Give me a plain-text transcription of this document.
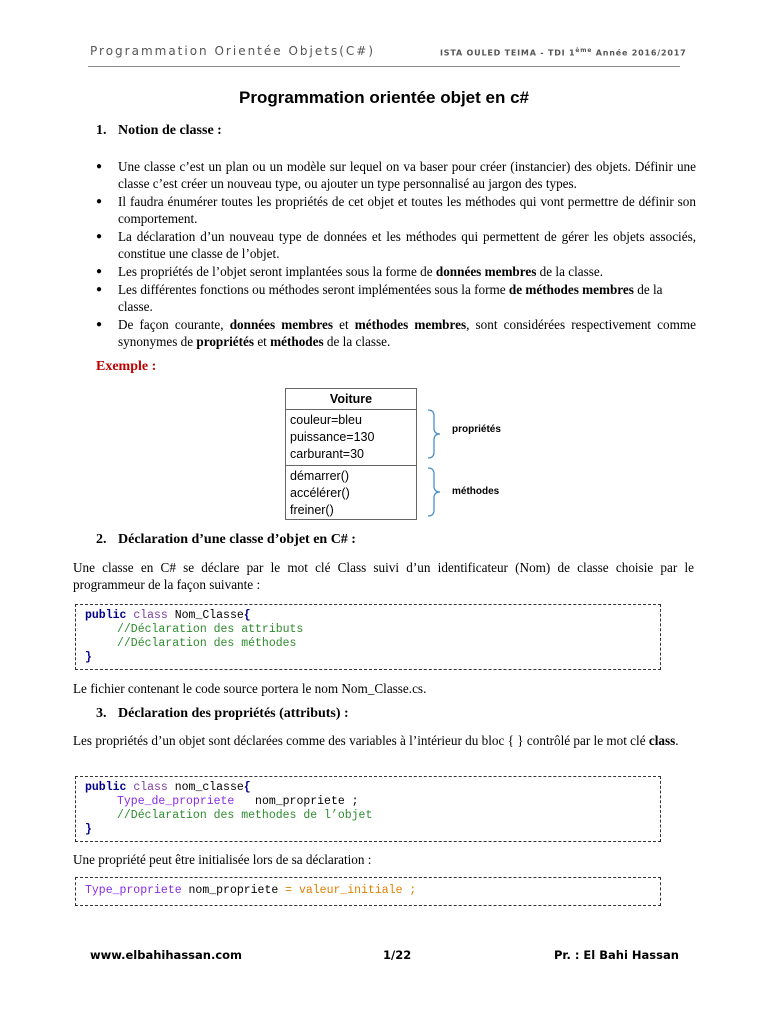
Programmation Orientée Objets(C#)	ISTA OULED TEIMA - TDI 1ème Année 2016/2017
Programmation orientée objet en c#
1. Notion de classe :
● Une classe c’est un plan ou un modèle sur lequel on va baser pour créer (instancier) des objets. Définir une classe c’est créer un nouveau type, ou ajouter un type personnalisé au jargon des types.
● Il faudra énumérer toutes les propriétés de cet objet et toutes les méthodes qui vont permettre de définir son comportement.
● La déclaration d’un nouveau type de données et les méthodes qui permettent de gérer les objets associés, constitue une classe de l’objet.
● Les propriétés de l’objet seront implantées sous la forme de données membres de la classe.
● Les différentes fonctions ou méthodes seront implémentées sous la forme de méthodes membres de la classe.
● De façon courante, données membres et méthodes membres, sont considérées respectivement comme synonymes de propriétés et méthodes de la classe.
Exemple :
Voiture
couleur=bleu
puissance=130
carburant=30
démarrer()
accélérer()
freiner()
propriétés
méthodes
2. Déclaration d’une classe d’objet en C# :
Une classe en C# se déclare par le mot clé Class suivi d’un identificateur (Nom) de classe choisie par le programmeur de la façon suivante :
public class Nom_Classe{
//Déclaration des attributs
//Déclaration des méthodes
}
Le fichier contenant le code source portera le nom Nom_Classe.cs.
3. Déclaration des propriétés (attributs) :
Les propriétés d’un objet sont déclarées comme des variables à l’intérieur du bloc { } contrôlé par le mot clé class.
public class nom_classe{
Type_de_propriete nom_propriete ;
//Déclaration des methodes de l’objet
}
Une propriété peut être initialisée lors de sa déclaration :
Type_propriete nom_propriete = valeur_initiale ;
www.elbahihassan.com	1/22	Pr. : El Bahi Hassan
